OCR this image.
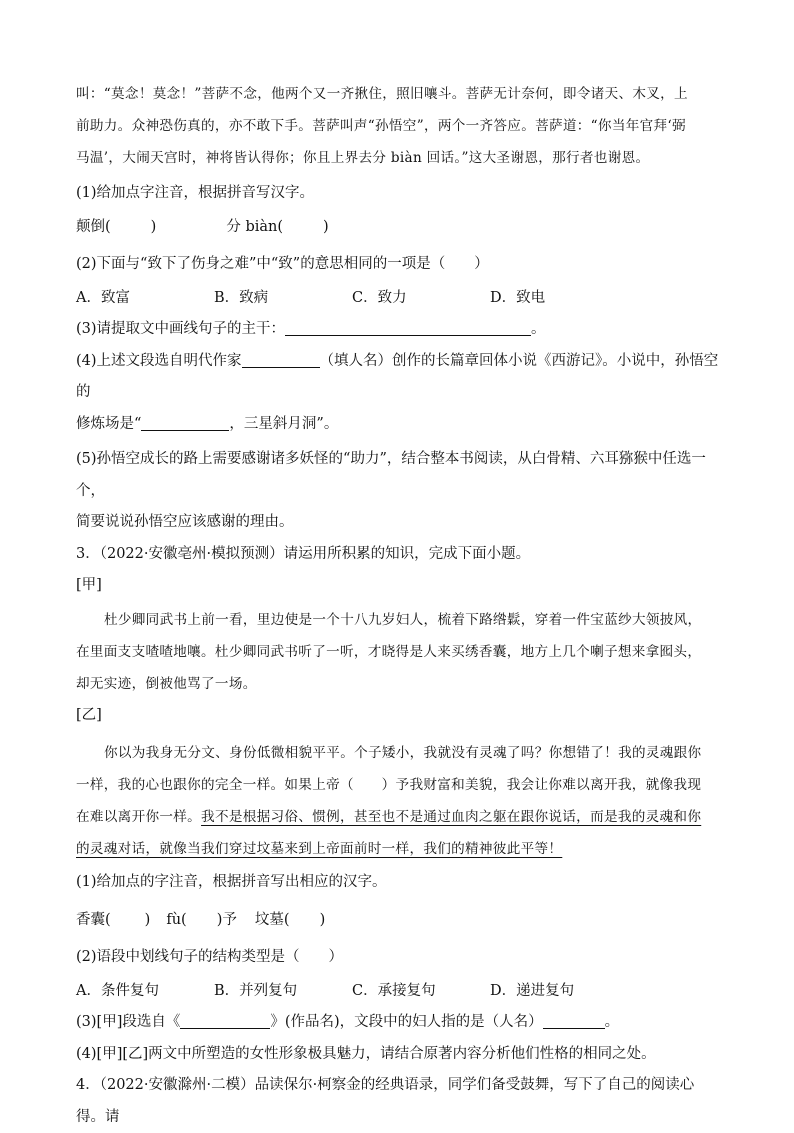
叫：“莫念！莫念！”菩萨不念，他两个又一齐揪住，照旧嚷斗。菩萨无计奈何，即令诸天、木叉，上

前助力。众神恐伤真的，亦不敢下手。菩萨叫声“孙悟空”，两个一齐答应。菩萨道：“你当年官拜‘弼

马温’，大闹天宫时，神将皆认得你；你且上界去分 biàn 回话。”这大圣谢恩，那行者也谢恩。

(1)给加点字注音，根据拼音写汉字。

颠倒(	)	分 biàn(	)

(2)下面与“致下了伤身之难”中“致”的意思相同的一项是（　　）

A．致富	B．致病	C．致力	D．致电

(3)请提取文中画线句子的主干：	。

(4)上述文段选自明代作家	（填人名）创作的长篇章回体小说《西游记》。小说中，孙悟空的

修炼场是“	，三星斜月洞”。

(5)孙悟空成长的路上需要感谢诸多妖怪的“助力”，结合整本书阅读，从白骨精、六耳猕猴中任选一个，

简要说说孙悟空应该感谢的理由。

3．（2022·安徽亳州·模拟预测）请运用所积累的知识，完成下面小题。

[甲]

杜少卿同武书上前一看，里边使是一个十八九岁妇人，梳着下路绺鬏，穿着一件宝蓝纱大领披风，

在里面支支喳喳地嚷。杜少卿同武书听了一听，才晓得是人来买绣香囊，地方上几个喇子想来拿囮头，

却无实迹，倒被他骂了一场。

[乙]

你以为我身无分文、身份低微相貌平平。个子矮小，我就没有灵魂了吗？你想错了！我的灵魂跟你

一样，我的心也跟你的完全一样。如果上帝（　　）予我财富和美貌，我会让你难以离开我，就像我现

在难以离开你一样。我不是根据习俗、惯例，甚至也不是通过血肉之躯在跟你说话，而是我的灵魂和你

的灵魂对话，就像当我们穿过坟墓来到上帝面前时一样，我们的精神彼此平等！

(1)给加点的字注音，根据拼音写出相应的汉字。

香囊( ) fù( )予 坟墓( )

(2)语段中划线句子的结构类型是（　　）

A．条件复句	B．并列复句	C．承接复句	D．递进复句

(3)[甲]段选自《	》(作品名)，文段中的妇人指的是（人名）	。

(4)[甲][乙]两文中所塑造的女性形象极具魅力，请结合原著内容分析他们性格的相同之处。

4．（2022·安徽滁州·二模）品读保尔·柯察金的经典语录，同学们备受鼓舞，写下了自己的阅读心得。请
